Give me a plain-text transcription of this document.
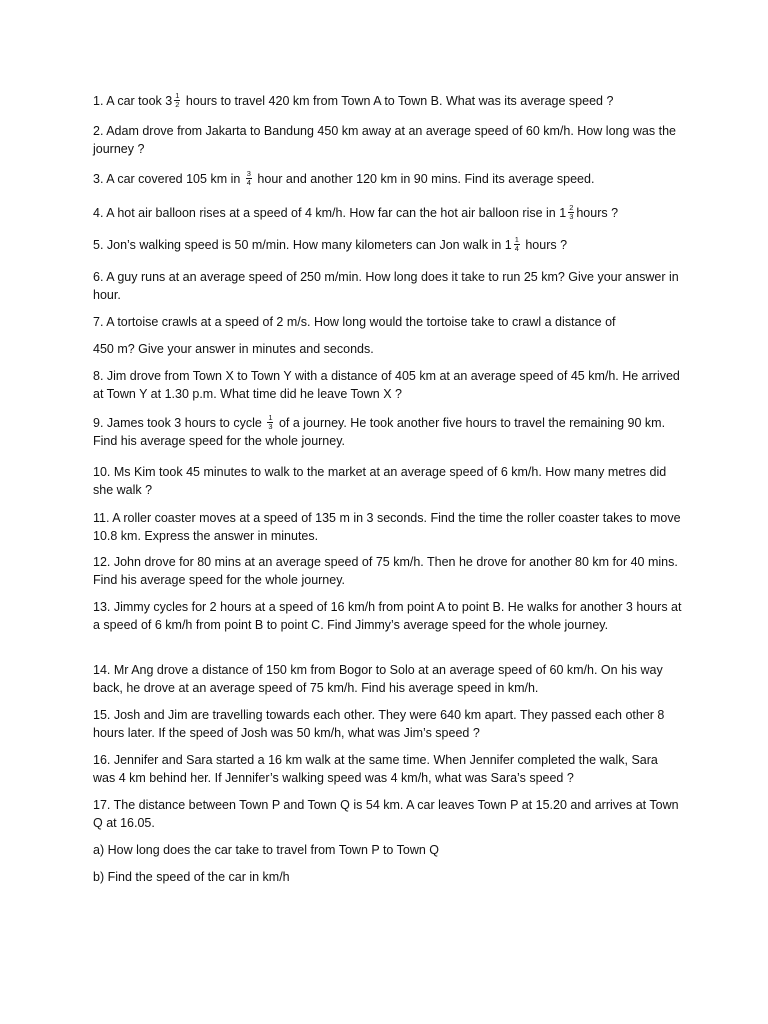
1. A car took $3 \frac{1}{2}$ hours to travel 420 km from Town A to Town B. What was its average speed ?
2. Adam drove from Jakarta to Bandung 450 km away at an average speed of 60 km/h. How long was the journey ?
3. A car covered 105 km in $\frac{3}{4}$ hour and another 120 km in 90 mins. Find its average speed.
4. A hot air balloon rises at a speed of 4 km/h. How far can the hot air balloon rise in $1 \frac{2}{3}$ hours ?
5. Jon’s walking speed is 50 m/min. How many kilometers can Jon walk in $1 \frac{1}{4}$ hours ?
6. A guy runs at an average speed of 250 m/min. How long does it take to run 25 km? Give your answer in hour.
7. A tortoise crawls at a speed of 2 m/s. How long would the tortoise take to crawl a distance of
450 m? Give your answer in minutes and seconds.
8. Jim drove from Town X to Town Y with a distance of 405 km at an average speed of 45 km/h. He arrived at Town Y at 1.30 p.m. What time did he leave Town X ?
9. James took 3 hours to cycle $\frac{1}{3}$ of a journey. He took another five hours to travel the remaining 90 km. Find his average speed for the whole journey.
10. Ms Kim took 45 minutes to walk to the market at an average speed of 6 km/h. How many metres did she walk ?
11. A roller coaster moves at a speed of 135 m in 3 seconds. Find the time the roller coaster takes to move 10.8 km. Express the answer in minutes.
12. John drove for 80 mins at an average speed of 75 km/h. Then he drove for another 80 km for 40 mins. Find his average speed for the whole journey.
13. Jimmy cycles for 2 hours at a speed of 16 km/h from point A to point B. He walks for another 3 hours at a speed of 6 km/h from point B to point C. Find Jimmy’s average speed for the whole journey.
14. Mr Ang drove a distance of 150 km from Bogor to Solo at an average speed of 60 km/h. On his way back, he drove at an average speed of 75 km/h. Find his average speed in km/h.
15. Josh and Jim are travelling towards each other. They were 640 km apart. They passed each other 8 hours later. If the speed of Josh was 50 km/h, what was Jim’s speed ?
16. Jennifer and Sara started a 16 km walk at the same time. When Jennifer completed the walk, Sara was 4 km behind her. If Jennifer’s walking speed was 4 km/h, what was Sara’s speed ?
17. The distance between Town P and Town Q is 54 km. A car leaves Town P at 15.20 and arrives at Town Q at 16.05.
a) How long does the car take to travel from Town P to Town Q
b) Find the speed of the car in km/h
